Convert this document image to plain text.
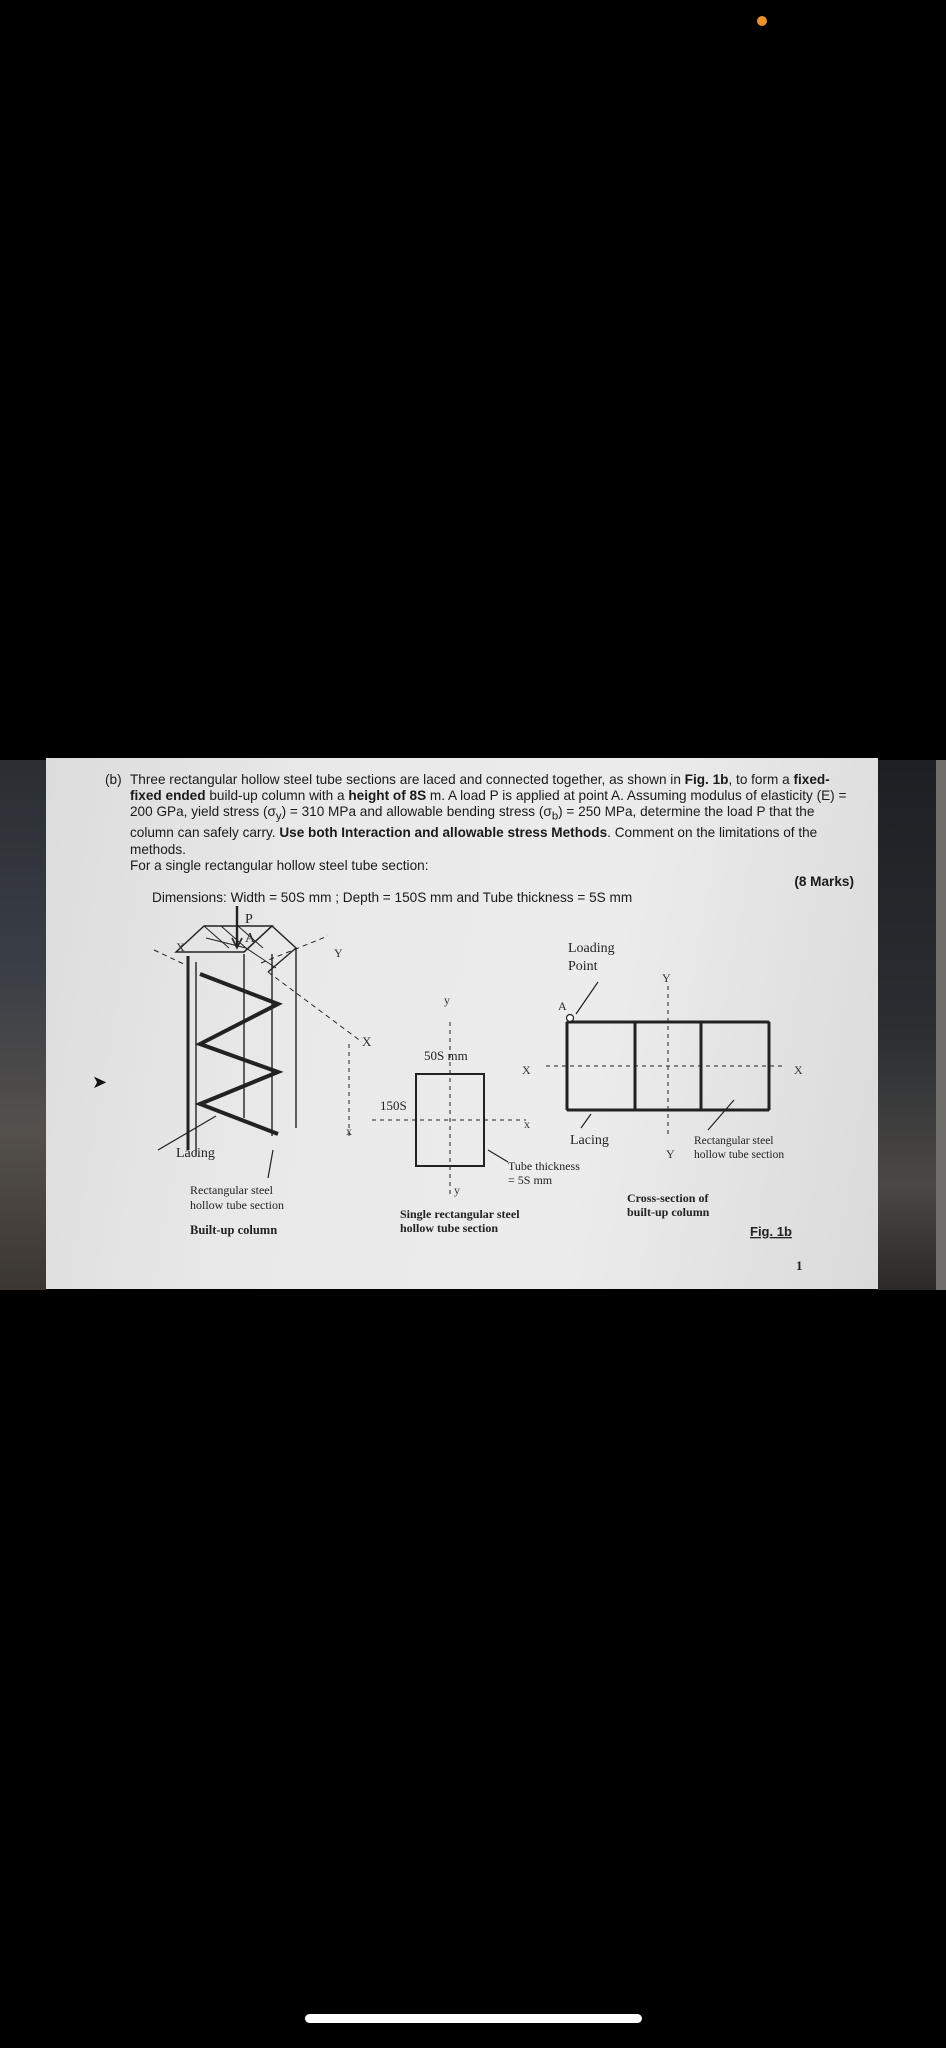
(b) Three rectangular hollow steel tube sections are laced and connected together, as shown in Fig. 1b, to form a fixed-fixed ended build-up column with a height of 8S m. A load P is applied at point A. Assuming modulus of elasticity (E) = 200 GPa, yield stress $(\sigma_y) = 310$ MPa and allowable bending stress $(\sigma_b) = 250$ MPa, determine the load P that the column can safely carry. Use both Interaction and allowable stress Methods. Comment on the limitations of the methods.

For a single rectangular hollow steel tube section:

(8 Marks)

Dimensions: Width = 50S mm ; Depth = 150S mm and Tube thickness = 5S mm

P
A
X	Y
X
x
Lacing
Rectangular steel
hollow tube section
Built-up column
y
50S mm
150S
X
x
y
Tube thickness
= 5S mm
Single rectangular steel
hollow tube section
Loading
Point
Y
A
X
Lacing
Y
Rectangular steel
hollow tube section
Cross-section of
built-up column
Fig. 1b
1
➤
